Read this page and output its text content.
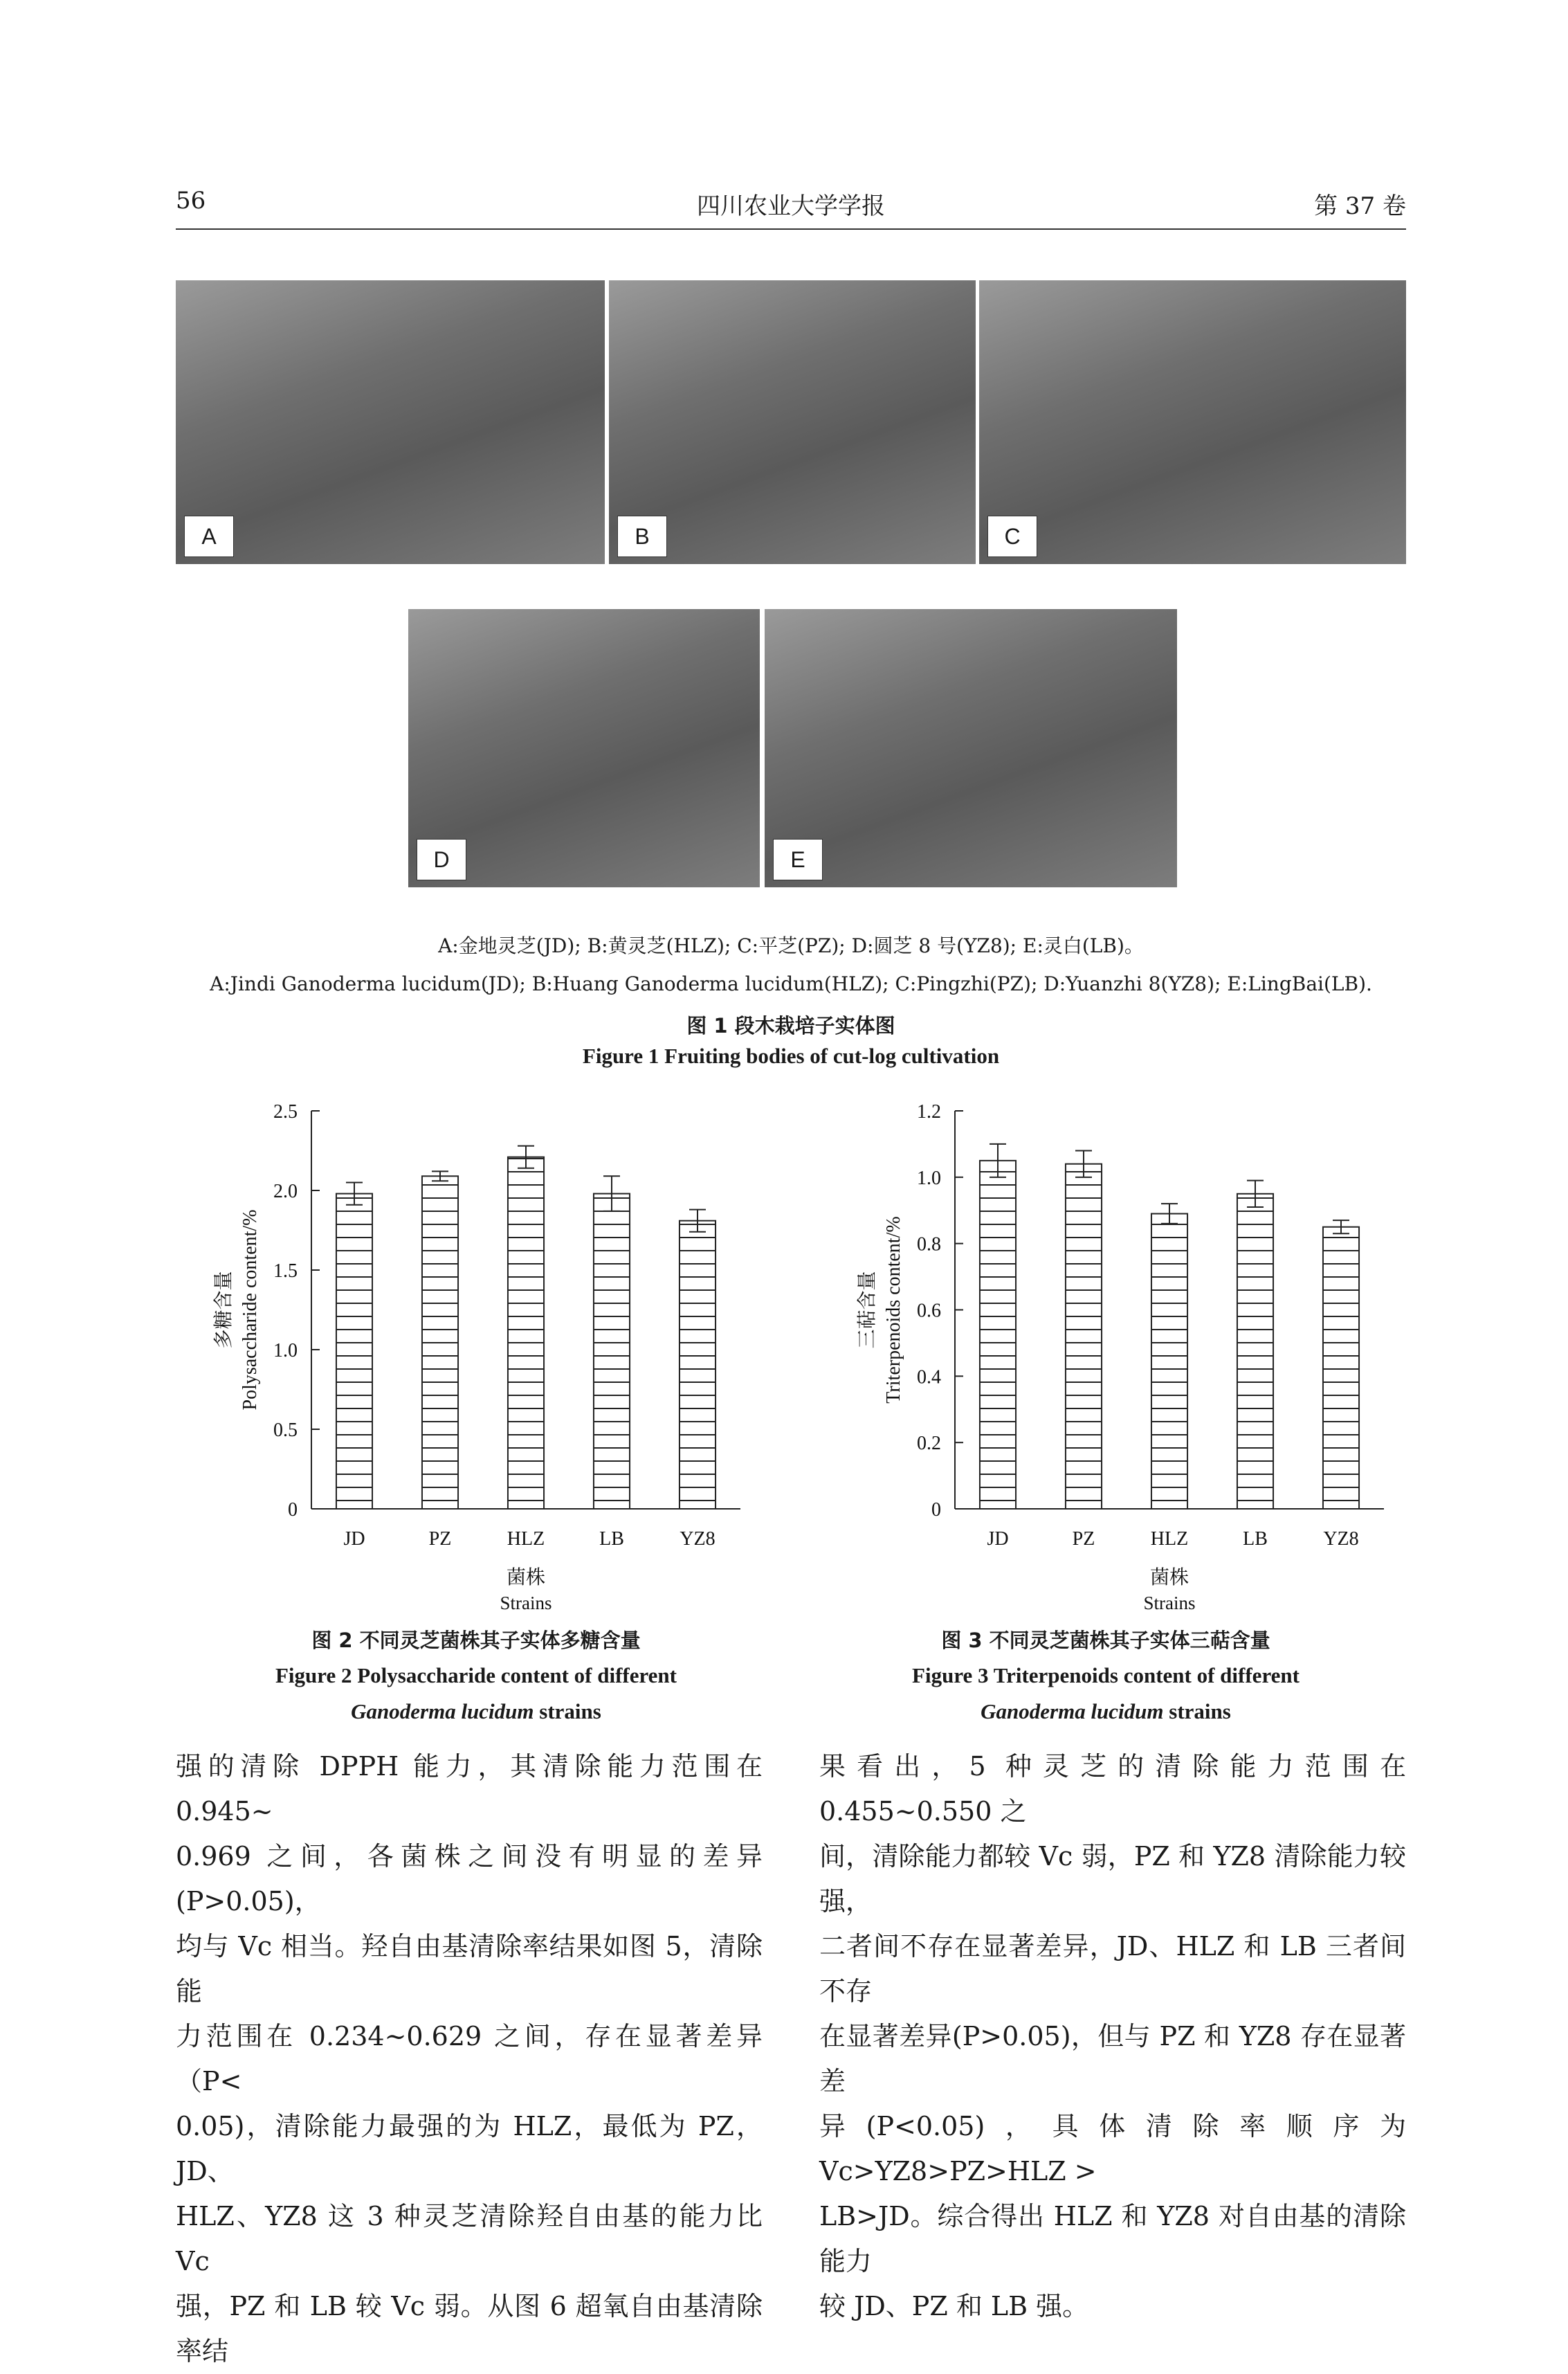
56	四川农业大学学报	第 37 卷
A	B	C
D	E
A:金地灵芝(JD); B:黄灵芝(HLZ); C:平芝(PZ); D:圆芝 8 号(YZ8); E:灵白(LB)。
A:Jindi Ganoderma lucidum(JD); B:Huang Ganoderma lucidum(HLZ); C:Pingzhi(PZ); D:Yuanzhi 8(YZ8); E:LingBai(LB).
图 1 段木栽培子实体图
Figure 1 Fruiting bodies of cut-log cultivation
0
0.5
1.0
1.5
2.0
2.5
JD	PZ	HLZ	LB	YZ8
菌株
Strains
多糖含量 Polysaccharide content/%
0
0.2
0.4
0.6
0.8
1.0
1.2
JD	PZ	HLZ	LB	YZ8
菌株
Strains
三萜含量 Triterpenoids content/%
图 2 不同灵芝菌株其子实体多糖含量
Figure 2 Polysaccharide content of different
Ganoderma lucidum strains
图 3 不同灵芝菌株其子实体三萜含量
Figure 3 Triterpenoids content of different
Ganoderma lucidum strains

强的清除 DPPH 能力，其清除能力范围在 0.945~

0.969 之间，各菌株之间没有明显的差异(P>0.05)，

均与 Vc 相当。羟自由基清除率结果如图 5，清除能

力范围在 0.234~0.629 之间，存在显著差异（P<

0.05)，清除能力最强的为 HLZ，最低为 PZ，JD、

HLZ、YZ8 这 3 种灵芝清除羟自由基的能力比 Vc

强，PZ 和 LB 较 Vc 弱。从图 6 超氧自由基清除率结

果看出，5 种灵芝的清除能力范围在 0.455~0.550 之

间，清除能力都较 Vc 弱，PZ 和 YZ8 清除能力较强，

二者间不存在显著差异，JD、HLZ 和 LB 三者间不存

在显著差异(P>0.05)，但与 PZ 和 YZ8 存在显著差

异(P<0.05)，具体清除率顺序为 Vc>YZ8>PZ>HLZ >

LB>JD。综合得出 HLZ 和 YZ8 对自由基的清除能力

较 JD、PZ 和 LB 强。
